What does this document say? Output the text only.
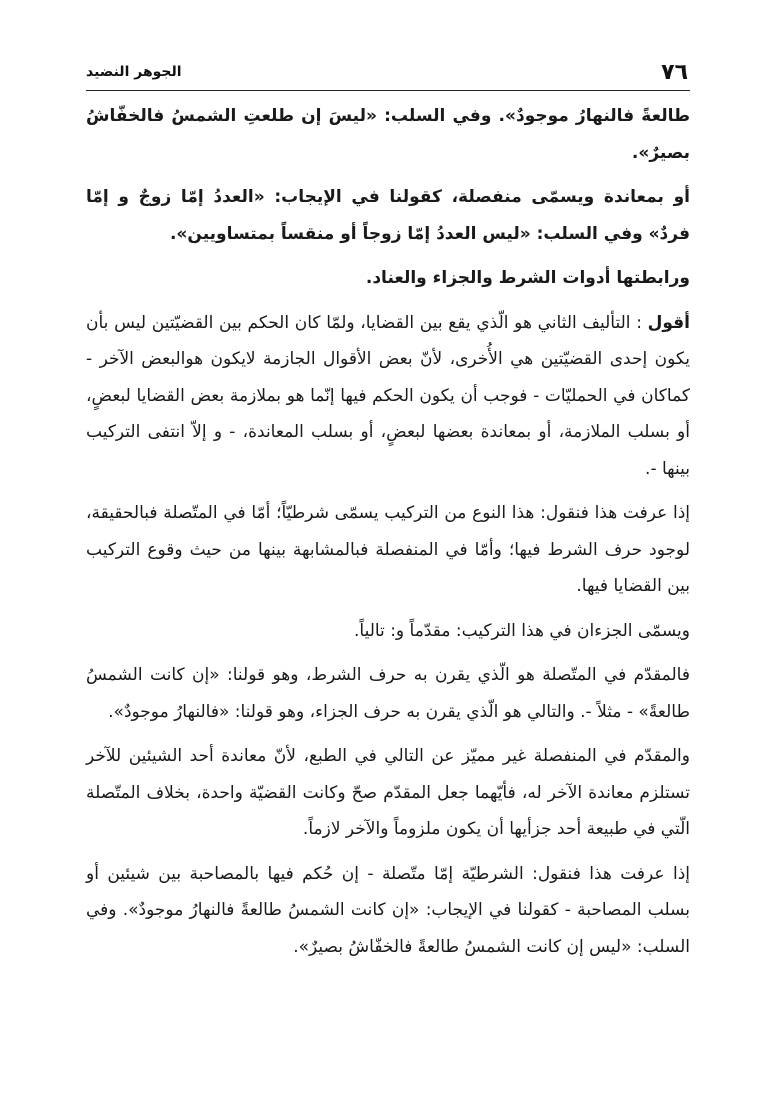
٧٦
الجوهر النضيد

طالعةً فالنهارُ موجودٌ». وفي السلب: «ليسَ إن طلعتِ الشمسُ فالخفّاشُ بصيرٌ».

أو بمعاندة ويسمّى منفصلة، كقولنا في الإيجاب: «العددُ إمّا زوجٌ و إمّا فردٌ» وفي السلب: «ليس العددُ إمّا زوجاً أو منقساً بمتساويين».

ورابطتها أدوات الشرط والجزاء والعناد.

أقول : التأليف الثاني هو الّذي يقع بين القضايا، ولمّا كان الحكم بين القضيّتين ليس بأن يكون إحدى القضيّتين هي الأُخرى، لأنّ بعض الأقوال الجازمة لايكون هوالبعض الآخر - كماكان في الحمليّات - فوجب أن يكون الحكم فيها إنّما هو بملازمة بعض القضايا لبعضٍ، أو بسلب الملازمة، أو بمعاندة بعضها لبعضٍ، أو بسلب المعاندة، - و إلاّ انتفى التركيب بينها -.

إذا عرفت هذا فنقول: هذا النوع من التركيب يسمّى شرطيّاً؛ أمّا في المتّصلة فبالحقيقة، لوجود حرف الشرط فيها؛ وأمّا في المنفصلة فبالمشابهة بينها من حيث وقوع التركيب بين القضايا فيها.

ويسمّى الجزءان في هذا التركيب: مقدّماً و: تالياً.

فالمقدّم في المتّصلة هو الّذي يقرن به حرف الشرط، وهو قولنا: «إن كانت الشمسُ طالعةً» - مثلاً -. والتالي هو الّذي يقرن به حرف الجزاء، وهو قولنا: «فالنهارُ موجودٌ».

والمقدّم في المنفصلة غير مميّز عن التالي في الطبع، لأنّ معاندة أحد الشيئين للآخر تستلزم معاندة الآخر له، فأيّهما جعل المقدّم صحّ وكانت القضيّة واحدة، بخلاف المتّصلة الّتي في طبيعة أحد جزأيها أن يكون ملزوماً والآخر لازماً.

إذا عرفت هذا فنقول: الشرطيّة إمّا متّصلة - إن حُكم فيها بالمصاحبة بين شيئين أو بسلب المصاحبة - كقولنا في الإيجاب: «إن كانت الشمسُ طالعةً فالنهارُ موجودٌ». وفي السلب: «ليس إن كانت الشمسُ طالعةً فالخفّاشُ بصيرٌ».
